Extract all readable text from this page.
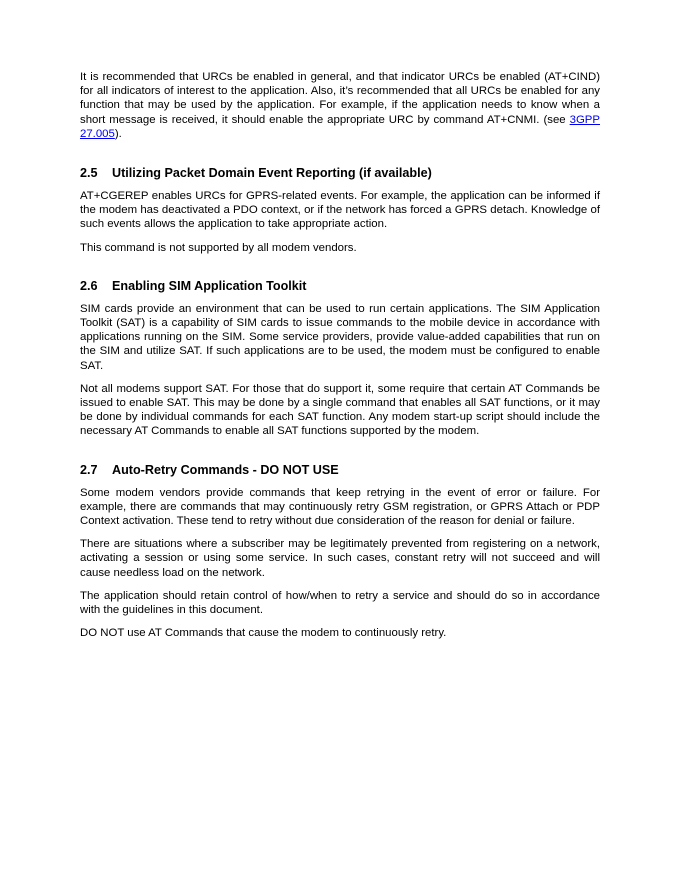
It is recommended that URCs be enabled in general, and that indicator URCs be enabled (AT+CIND) for all indicators of interest to the application. Also, it’s recommended that all URCs be enabled for any function that may be used by the application. For example, if the application needs to know when a short message is received, it should enable the appropriate URC by command AT+CNMI. (see 3GPP 27.005).

2.5 Utilizing Packet Domain Event Reporting (if available)

AT+CGEREP enables URCs for GPRS-related events. For example, the application can be informed if the modem has deactivated a PDO context, or if the network has forced a GPRS detach. Knowledge of such events allows the application to take appropriate action.

This command is not supported by all modem vendors.

2.6 Enabling SIM Application Toolkit

SIM cards provide an environment that can be used to run certain applications. The SIM Application Toolkit (SAT) is a capability of SIM cards to issue commands to the mobile device in accordance with applications running on the SIM. Some service providers, provide value-added capabilities that run on the SIM and utilize SAT. If such applications are to be used, the modem must be configured to enable SAT.

Not all modems support SAT. For those that do support it, some require that certain AT Commands be issued to enable SAT. This may be done by a single command that enables all SAT functions, or it may be done by individual commands for each SAT function. Any modem start-up script should include the necessary AT Commands to enable all SAT functions supported by the modem.

2.7 Auto-Retry Commands - DO NOT USE

Some modem vendors provide commands that keep retrying in the event of error or failure. For example, there are commands that may continuously retry GSM registration, or GPRS Attach or PDP Context activation. These tend to retry without due consideration of the reason for denial or failure.

There are situations where a subscriber may be legitimately prevented from registering on a network, activating a session or using some service. In such cases, constant retry will not succeed and will cause needless load on the network.

The application should retain control of how/when to retry a service and should do so in accordance with the guidelines in this document.

DO NOT use AT Commands that cause the modem to continuously retry.
